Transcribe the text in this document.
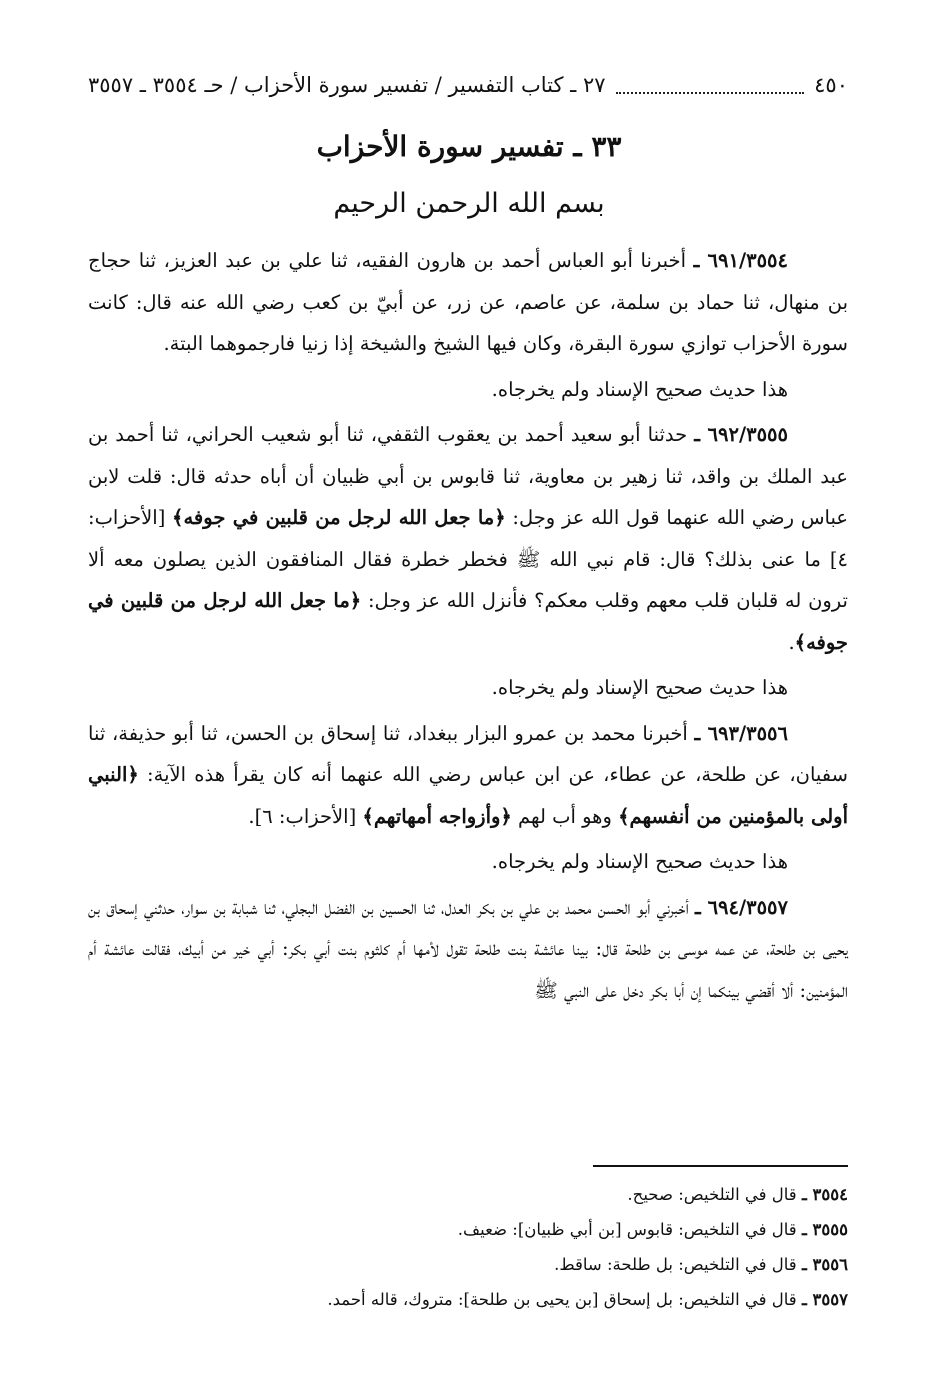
٤٥٠
٢٧ ـ كتاب التفسير / تفسير سورة الأحزاب / حـ ٣٥٥٤ ـ ٣٥٥٧
٣٣ ـ تفسير سورة الأحزاب
بسم الله الرحمن الرحيم

٦٩١/٣٥٥٤ ـ أخبرنا أبو العباس أحمد بن هارون الفقيه، ثنا علي بن عبد العزيز، ثنا حجاج بن منهال، ثنا حماد بن سلمة، عن عاصم، عن زر، عن أبيّ بن كعب رضي الله عنه قال: كانت سورة الأحزاب توازي سورة البقرة، وكان فيها الشيخ والشيخة إذا زنيا فارجموهما البتة.

هذا حديث صحيح الإسناد ولم يخرجاه.

٦٩٢/٣٥٥٥ ـ حدثنا أبو سعيد أحمد بن يعقوب الثقفي، ثنا أبو شعيب الحراني، ثنا أحمد بن عبد الملك بن واقد، ثنا زهير بن معاوية، ثنا قابوس بن أبي ظبيان أن أباه حدثه قال: قلت لابن عباس رضي الله عنهما قول الله عز وجل: ﴿ما جعل الله لرجل من قلبين في جوفه﴾ [الأحزاب: ٤] ما عنى بذلك؟ قال: قام نبي الله ﷺ فخطر خطرة فقال المنافقون الذين يصلون معه ألا ترون له قلبان قلب معهم وقلب معكم؟ فأنزل الله عز وجل: ﴿ما جعل الله لرجل من قلبين في جوفه﴾.

هذا حديث صحيح الإسناد ولم يخرجاه.

٦٩٣/٣٥٥٦ ـ أخبرنا محمد بن عمرو البزار ببغداد، ثنا إسحاق بن الحسن، ثنا أبو حذيفة، ثنا سفيان، عن طلحة، عن عطاء، عن ابن عباس رضي الله عنهما أنه كان يقرأ هذه الآية: ﴿النبي أولى بالمؤمنين من أنفسهم﴾ وهو أب لهم ﴿وأزواجه أمهاتهم﴾ [الأحزاب: ٦].

هذا حديث صحيح الإسناد ولم يخرجاه.

٦٩٤/٣٥٥٧ ـ أخبرني أبو الحسن محمد بن علي بن بكر العدل، ثنا الحسين بن الفضل البجلي، ثنا شبابة بن سوار، حدثني إسحاق بن يحيى بن طلحة، عن عمه موسى بن طلحة قال: بينا عائشة بنت طلحة تقول لأمها أم كلثوم بنت أبي بكر: أبي خير من أبيك، فقالت عائشة أم المؤمنين: ألا أقضي بينكما إن أبا بكر دخل على النبي ﷺ

٣٥٥٤ ـ قال في التلخيص: صحيح.
٣٥٥٥ ـ قال في التلخيص: قابوس [بن أبي ظبيان]: ضعيف.
٣٥٥٦ ـ قال في التلخيص: بل طلحة: ساقط.
٣٥٥٧ ـ قال في التلخيص: بل إسحاق [بن يحيى بن طلحة]: متروك، قاله أحمد.
